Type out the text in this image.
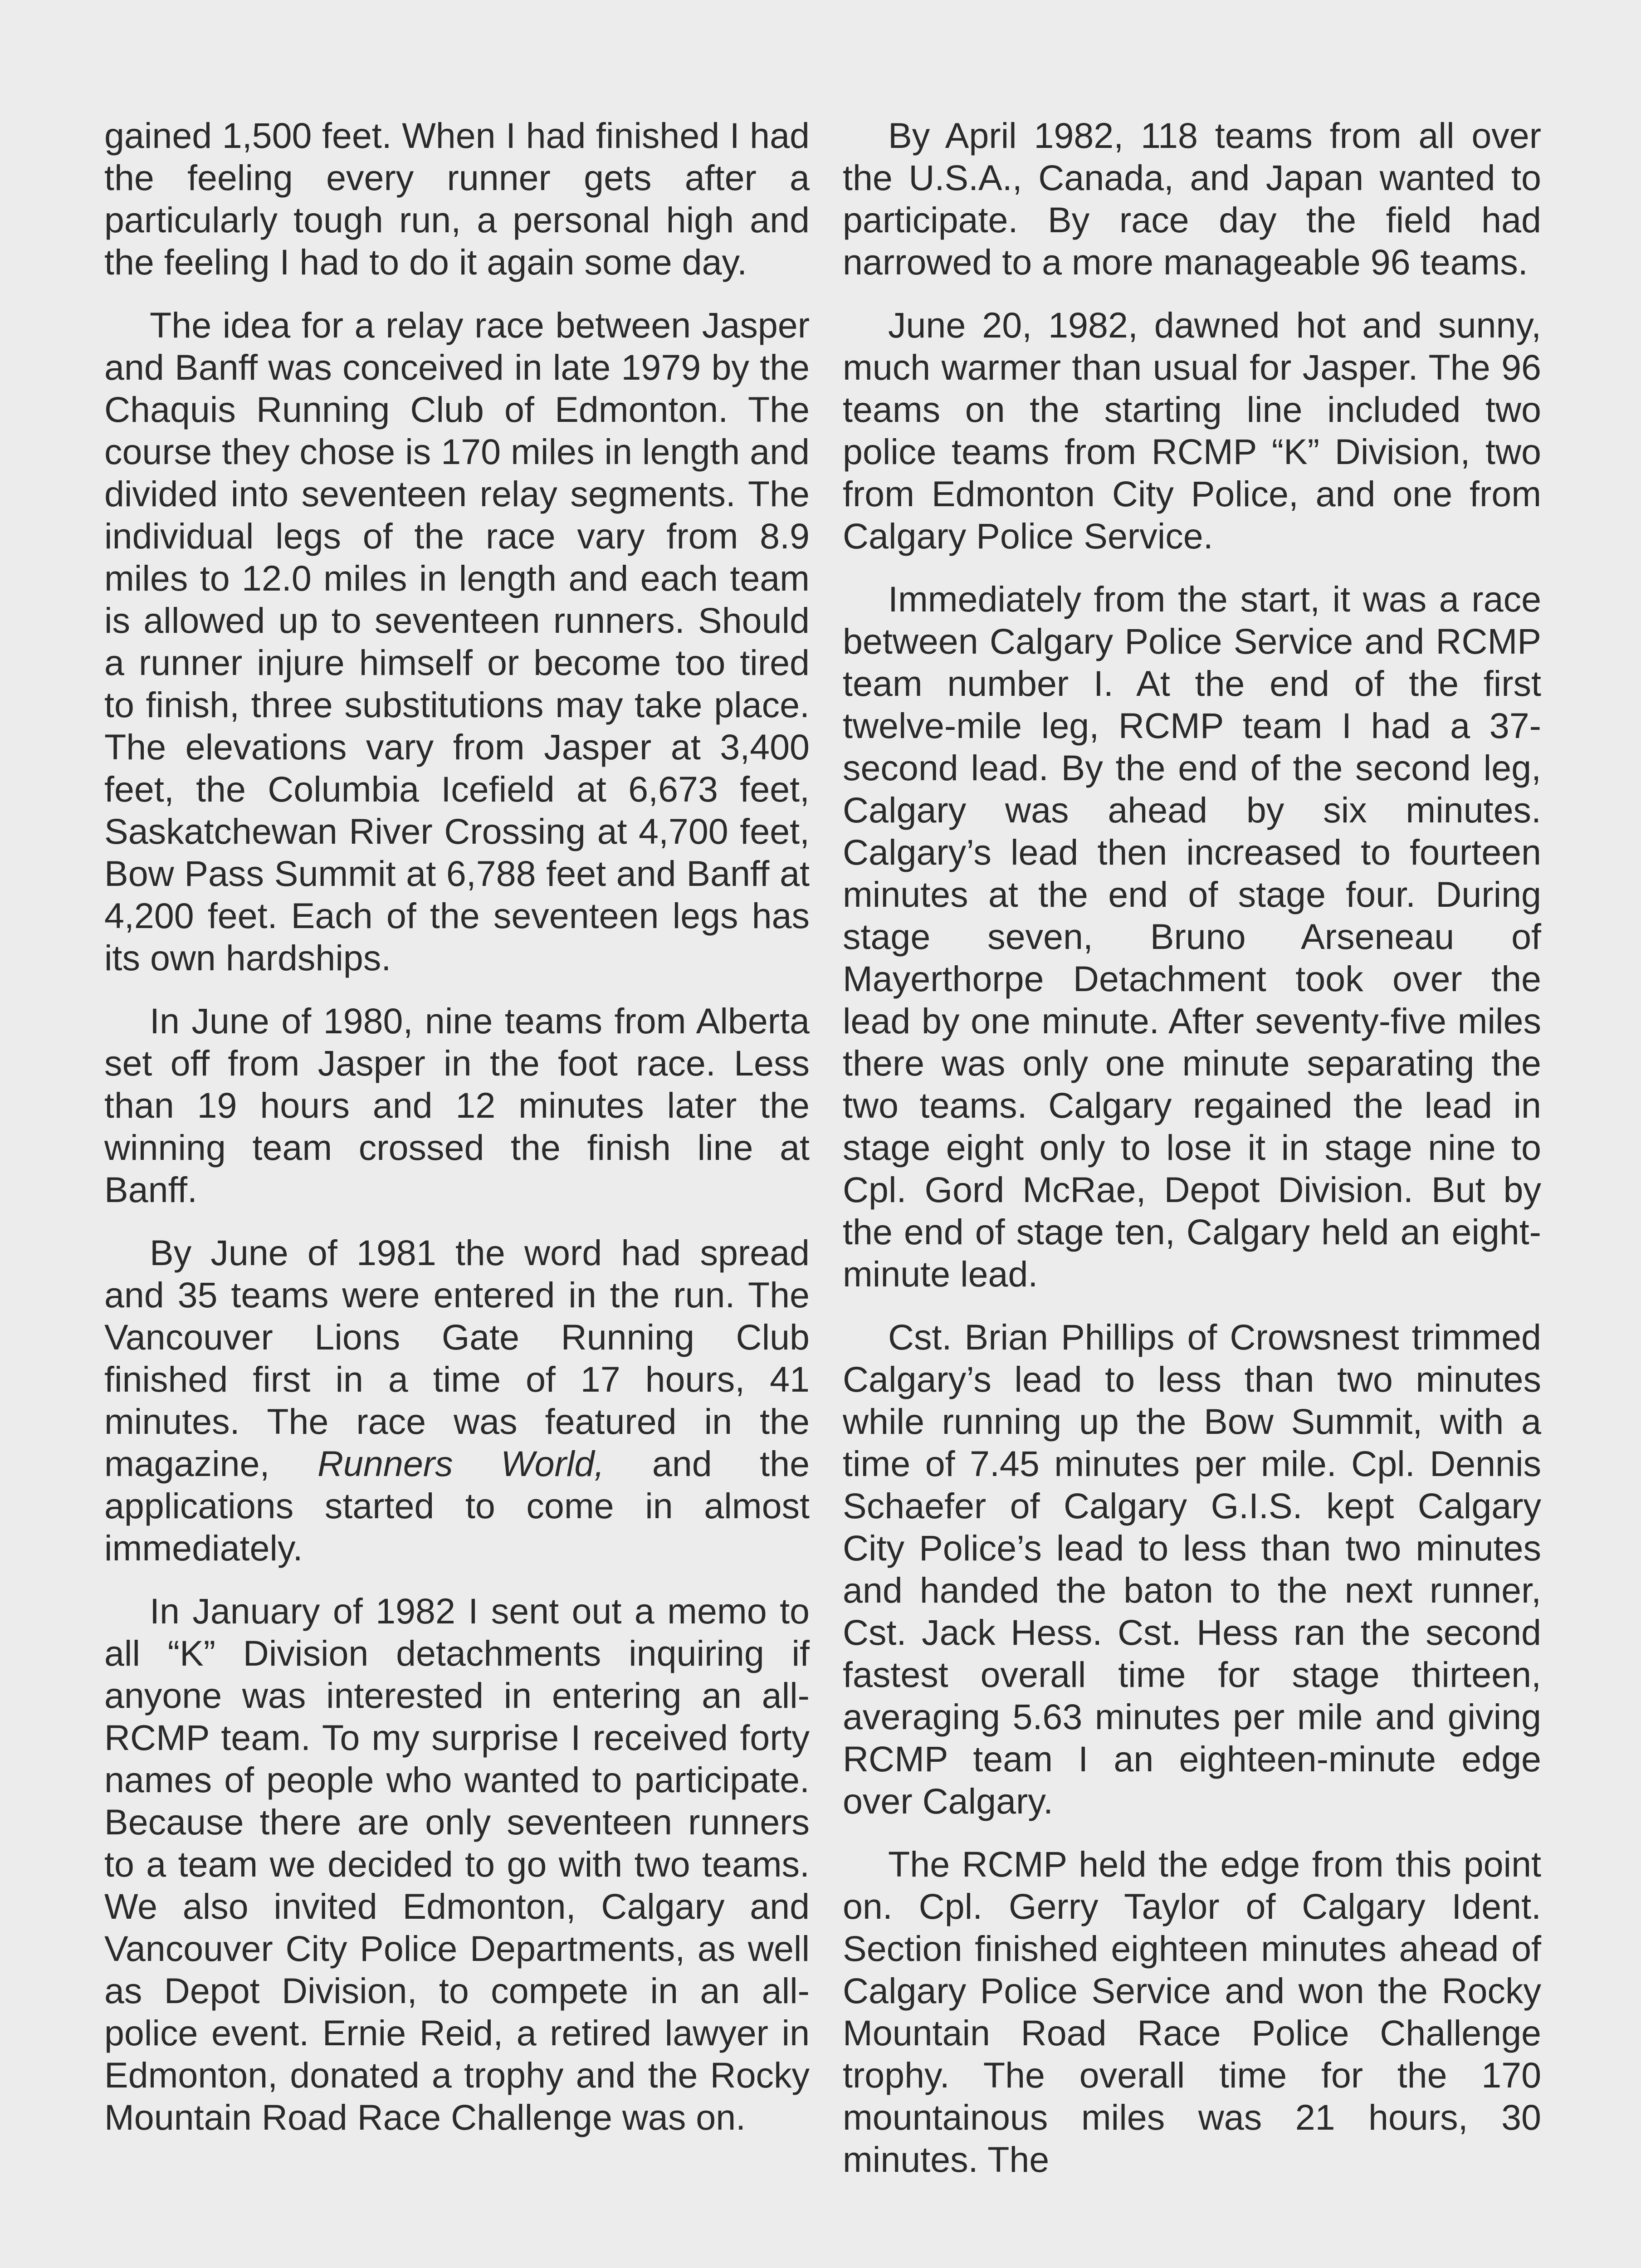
gained 1,500 feet. When I had finished I had the feeling every runner gets after a particularly tough run, a personal high and the feeling I had to do it again some day.

The idea for a relay race between Jasper and Banff was conceived in late 1979 by the Chaquis Running Club of Edmonton. The course they chose is 170 miles in length and divided into seventeen relay segments. The individual legs of the race vary from 8.9 miles to 12.0 miles in length and each team is allowed up to seventeen runners. Should a runner injure himself or become too tired to finish, three substitutions may take place. The elevations vary from Jasper at 3,400 feet, the Columbia Icefield at 6,673 feet, Saskatchewan River Crossing at 4,700 feet, Bow Pass Summit at 6,788 feet and Banff at 4,200 feet. Each of the seventeen legs has its own hardships.

In June of 1980, nine teams from Alberta set off from Jasper in the foot race. Less than 19 hours and 12 minutes later the winning team crossed the finish line at Banff.

By June of 1981 the word had spread and 35 teams were entered in the run. The Vancouver Lions Gate Running Club finished first in a time of 17 hours, 41 minutes. The race was featured in the magazine, Runners World, and the applications started to come in almost immediately.

In January of 1982 I sent out a memo to all “K” Division detachments inquiring if anyone was interested in entering an all-RCMP team. To my surprise I received forty names of people who wanted to participate. Because there are only seventeen runners to a team we decided to go with two teams. We also invited Edmonton, Calgary and Vancouver City Police Departments, as well as Depot Division, to compete in an all-police event. Ernie Reid, a retired lawyer in Edmonton, donated a trophy and the Rocky Mountain Road Race Challenge was on.

By April 1982, 118 teams from all over the U.S.A., Canada, and Japan wanted to participate. By race day the field had narrowed to a more manageable 96 teams.

June 20, 1982, dawned hot and sunny, much warmer than usual for Jasper. The 96 teams on the starting line included two police teams from RCMP “K” Division, two from Edmonton City Police, and one from Calgary Police Service.

Immediately from the start, it was a race between Calgary Police Service and RCMP team number I. At the end of the first twelve-mile leg, RCMP team I had a 37-second lead. By the end of the second leg, Calgary was ahead by six minutes. Calgary’s lead then increased to fourteen minutes at the end of stage four. During stage seven, Bruno Arseneau of Mayerthorpe Detachment took over the lead by one minute. After seventy-five miles there was only one minute separating the two teams. Calgary regained the lead in stage eight only to lose it in stage nine to Cpl. Gord McRae, Depot Division. But by the end of stage ten, Calgary held an eight-minute lead.

Cst. Brian Phillips of Crowsnest trimmed Calgary’s lead to less than two minutes while running up the Bow Summit, with a time of 7.45 minutes per mile. Cpl. Dennis Schaefer of Calgary G.I.S. kept Calgary City Police’s lead to less than two minutes and handed the baton to the next runner, Cst. Jack Hess. Cst. Hess ran the second fastest overall time for stage thirteen, averaging 5.63 minutes per mile and giving RCMP team I an eighteen-minute edge over Calgary.

The RCMP held the edge from this point on. Cpl. Gerry Taylor of Calgary Ident. Section finished eighteen minutes ahead of Calgary Police Service and won the Rocky Mountain Road Race Police Challenge trophy. The overall time for the 170 mountainous miles was 21 hours, 30 minutes. The
